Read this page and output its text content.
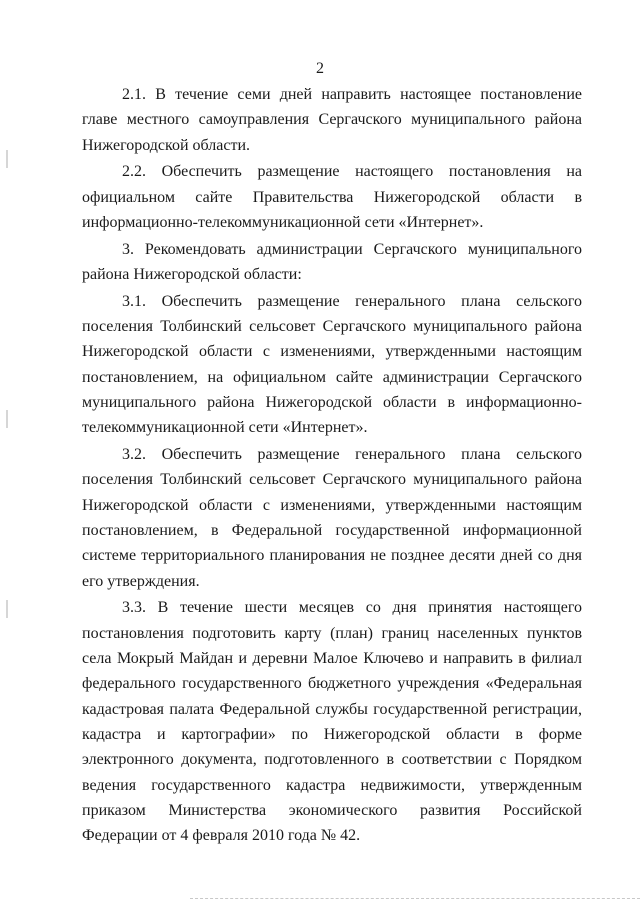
2

2.1. В течение семи дней направить настоящее постановление главе местного самоуправления Сергачского муниципального района Нижегородской области.

2.2. Обеспечить размещение настоящего постановления на официальном сайте Правительства Нижегородской области в информационно-телекоммуникационной сети «Интернет».

3. Рекомендовать администрации Сергачского муниципального района Нижегородской области:

3.1. Обеспечить размещение генерального плана сельского поселения Толбинский сельсовет Сергачского муниципального района Нижегородской области с изменениями, утвержденными настоящим постановлением, на официальном сайте администрации Сергачского муниципального района Нижегородской области в информационно-телекоммуникационной сети «Интернет».

3.2. Обеспечить размещение генерального плана сельского поселения Толбинский сельсовет Сергачского муниципального района Нижегородской области с изменениями, утвержденными настоящим постановлением, в Федеральной государственной информационной системе территориального планирования не позднее десяти дней со дня его утверждения.

3.3. В течение шести месяцев со дня принятия настоящего постановления подготовить карту (план) границ населенных пунктов села Мокрый Майдан и деревни Малое Ключево и направить в филиал федерального государственного бюджетного учреждения «Федеральная кадастровая палата Федеральной службы государственной регистрации, кадастра и картографии» по Нижегородской области в форме электронного документа, подготовленного в соответствии с Порядком ведения государственного кадастра недвижимости, утвержденным приказом Министерства экономического развития Российской Федерации от 4 февраля 2010 года № 42.
